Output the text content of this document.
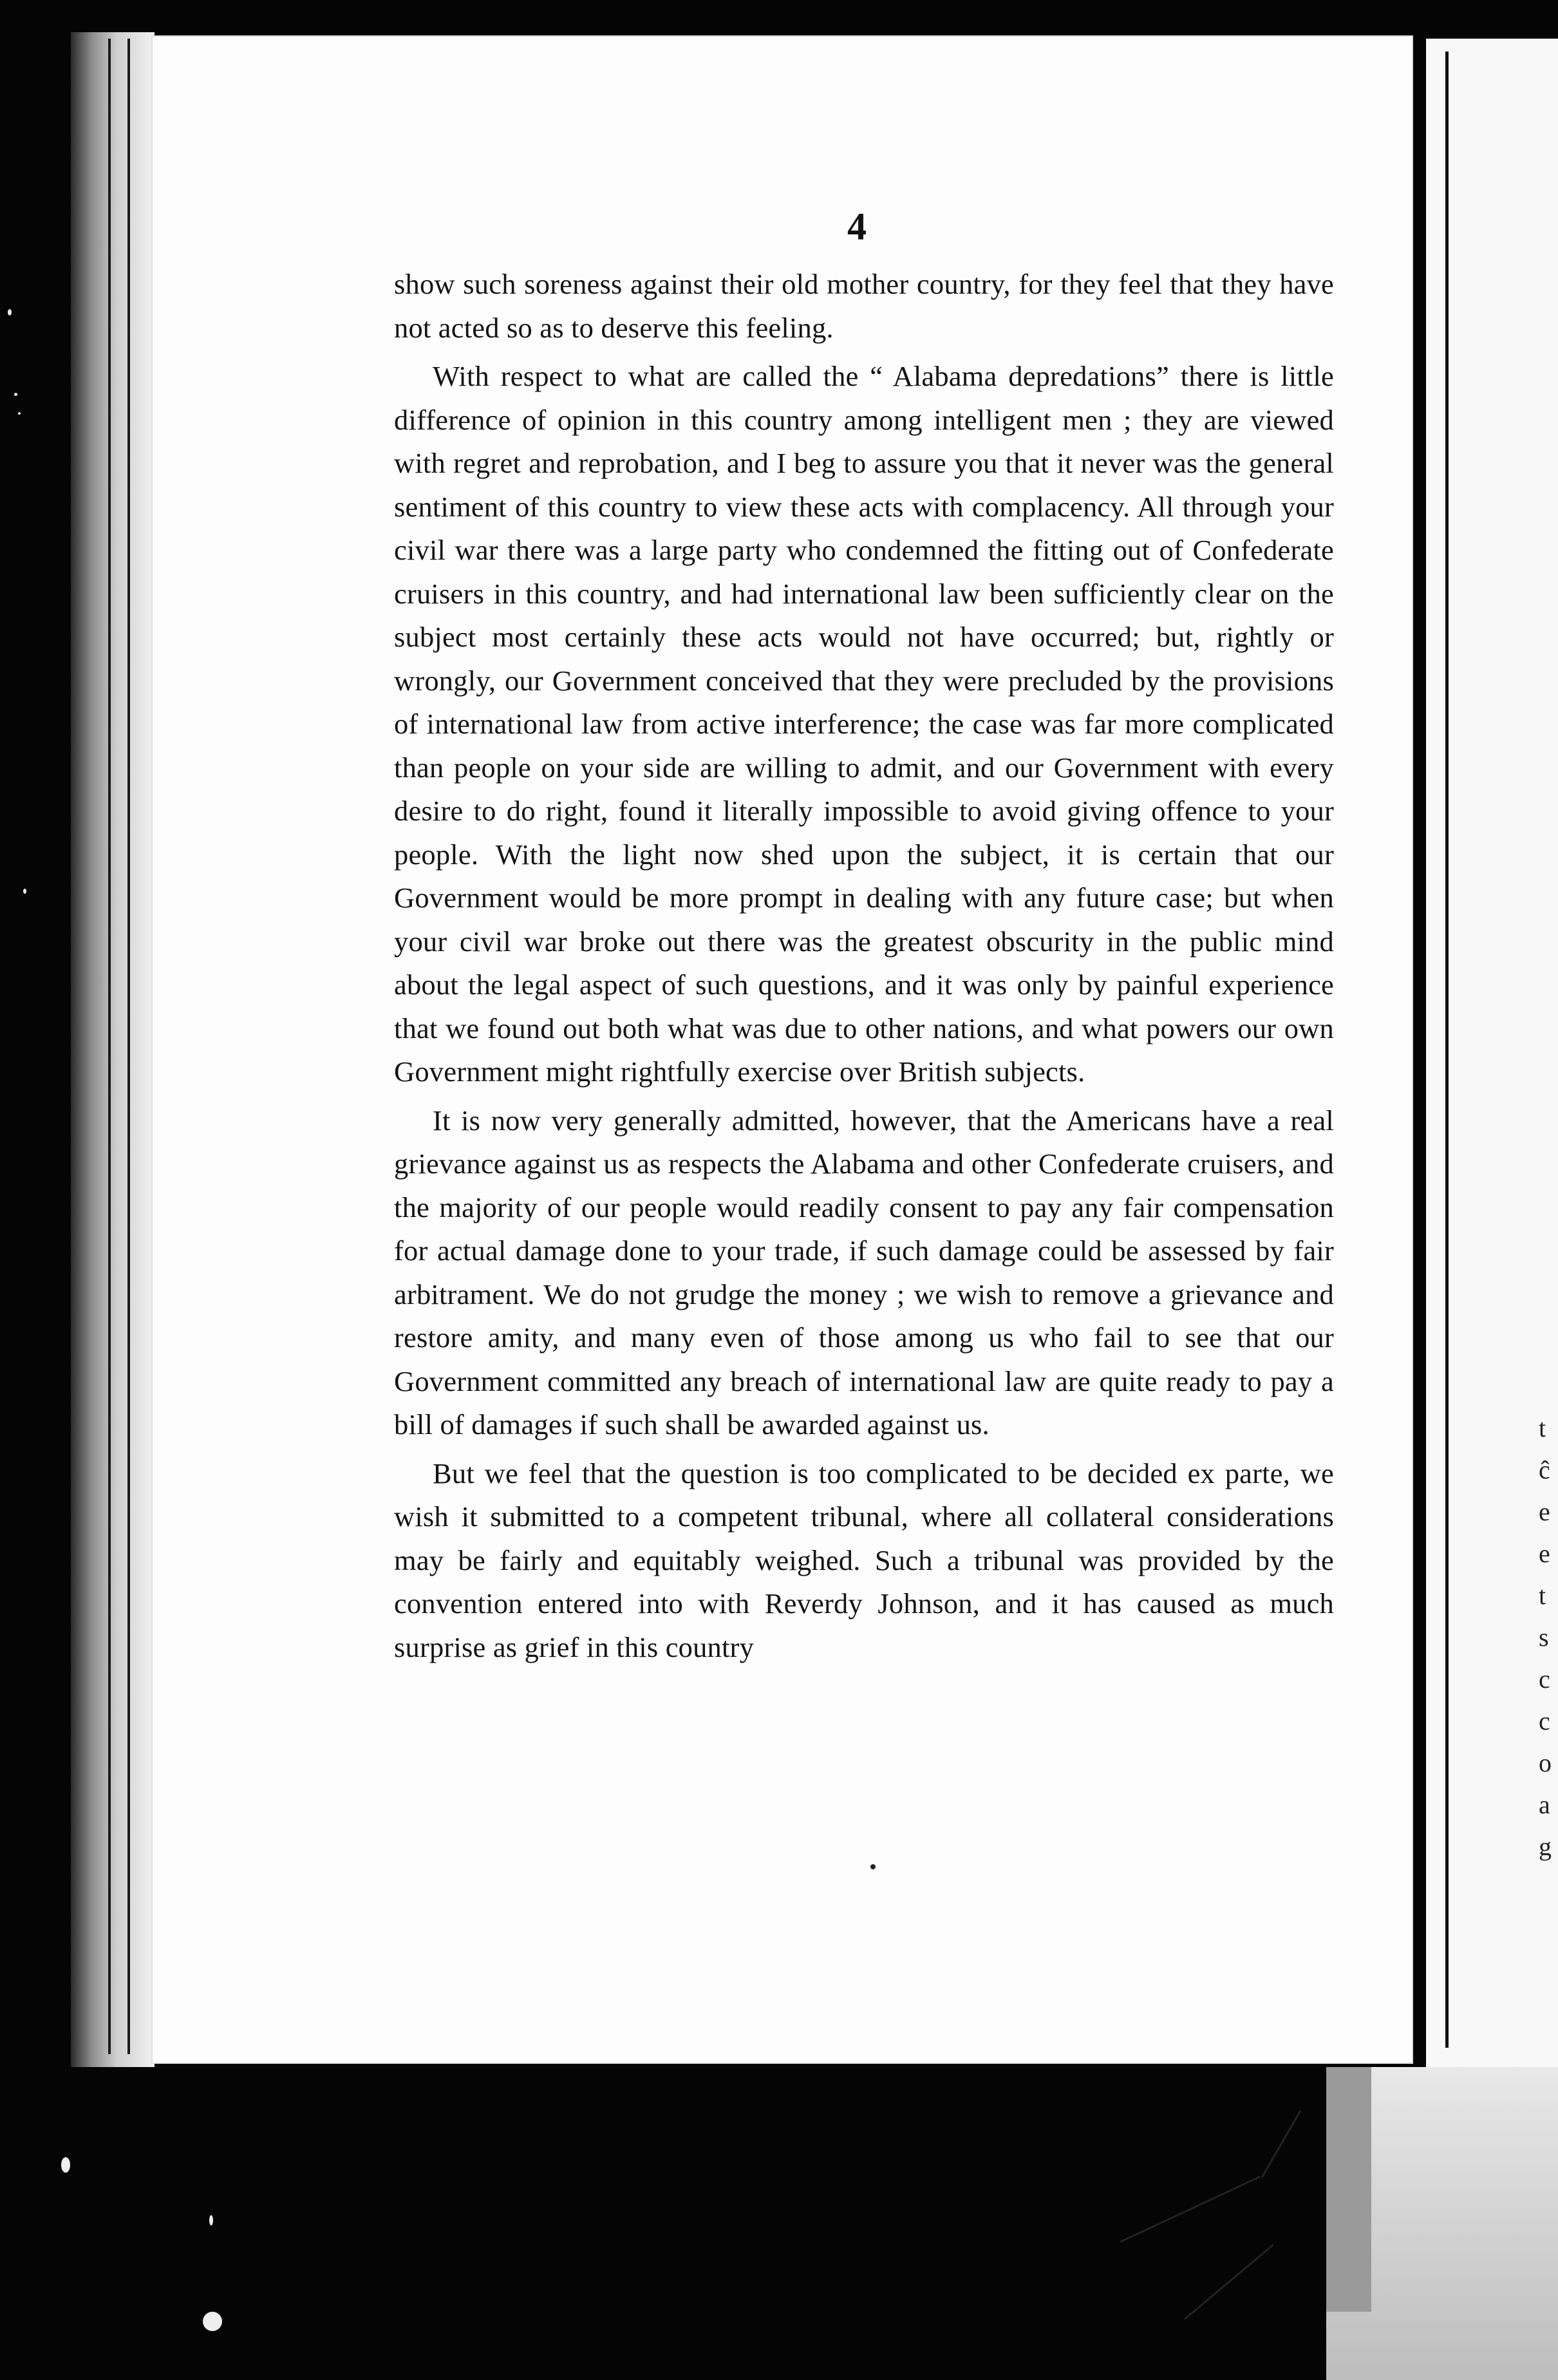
t
ĉ
e
e
t
s
c
c
o
a
g
4

show such soreness against their old mother country, for they feel that they have not acted so as to deserve this feeling.

With respect to what are called the “ Alabama depredations” there is little difference of opinion in this country among intelligent men ; they are viewed with regret and reprobation, and I beg to assure you that it never was the general sentiment of this country to view these acts with complacency. All through your civil war there was a large party who condemned the fitting out of Confederate cruisers in this country, and had international law been sufficiently clear on the subject most certainly these acts would not have occurred; but, rightly or wrongly, our Government conceived that they were precluded by the provisions of international law from active interference; the case was far more complicated than people on your side are willing to admit, and our Government with every desire to do right, found it literally impossible to avoid giving offence to your people. With the light now shed upon the subject, it is certain that our Government would be more prompt in dealing with any future case; but when your civil war broke out there was the greatest obscurity in the public mind about the legal aspect of such questions, and it was only by painful experience that we found out both what was due to other nations, and what powers our own Government might rightfully exercise over British subjects.

It is now very generally admitted, however, that the Americans have a real grievance against us as respects the Alabama and other Confederate cruisers, and the majority of our people would readily consent to pay any fair compensation for actual damage done to your trade, if such damage could be assessed by fair arbitrament. We do not grudge the money ; we wish to remove a grievance and restore amity, and many even of those among us who fail to see that our Government committed any breach of international law are quite ready to pay a bill of damages if such shall be awarded against us.

But we feel that the question is too complicated to be decided ex parte, we wish it submitted to a competent tribunal, where all collateral considerations may be fairly and equitably weighed. Such a tribunal was provided by the convention entered into with Reverdy Johnson, and it has caused as much surprise as grief in this country
